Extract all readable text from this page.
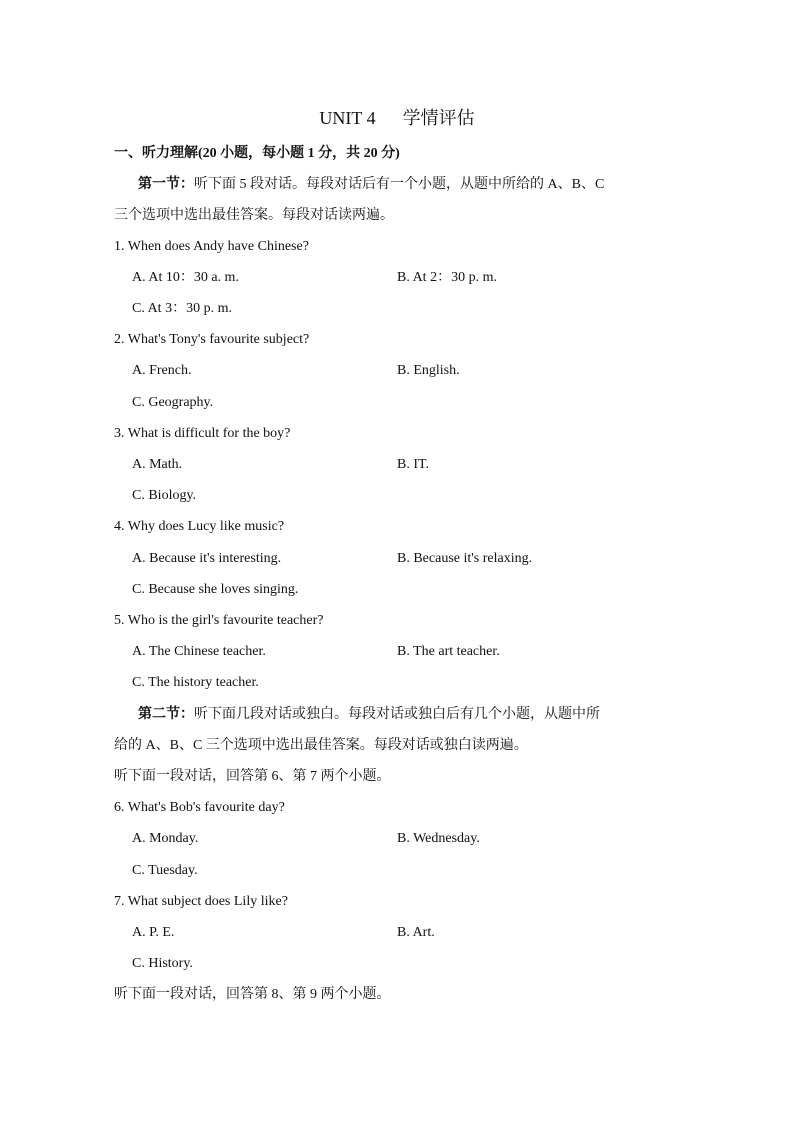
UNIT 4      学情评估
一、听力理解(20 小题，每小题 1 分，共 20 分)
第一节：听下面 5 段对话。每段对话后有一个小题，从题中所给的 A、B、C
三个选项中选出最佳答案。每段对话读两遍。
1. When does Andy have Chinese?
A. At 10：30 a. m.	B. At 2：30 p. m.
C. At 3：30 p. m.
2. What's Tony's favourite subject?
A. French.	B. English.
C. Geography.
3. What is difficult for the boy?
A. Math.	B. IT.
C. Biology.
4. Why does Lucy like music?
A. Because it's interesting.	B. Because it's relaxing.
C. Because she loves singing.
5. Who is the girl's favourite teacher?
A. The Chinese teacher.	B. The art teacher.
C. The history teacher.
第二节：听下面几段对话或独白。每段对话或独白后有几个小题，从题中所
给的 A、B、C 三个选项中选出最佳答案。每段对话或独白读两遍。
听下面一段对话，回答第 6、第 7 两个小题。
6. What's Bob's favourite day?
A. Monday.	B. Wednesday.
C. Tuesday.
7. What subject does Lily like?
A. P. E.	B. Art.
C. History.
听下面一段对话，回答第 8、第 9 两个小题。
